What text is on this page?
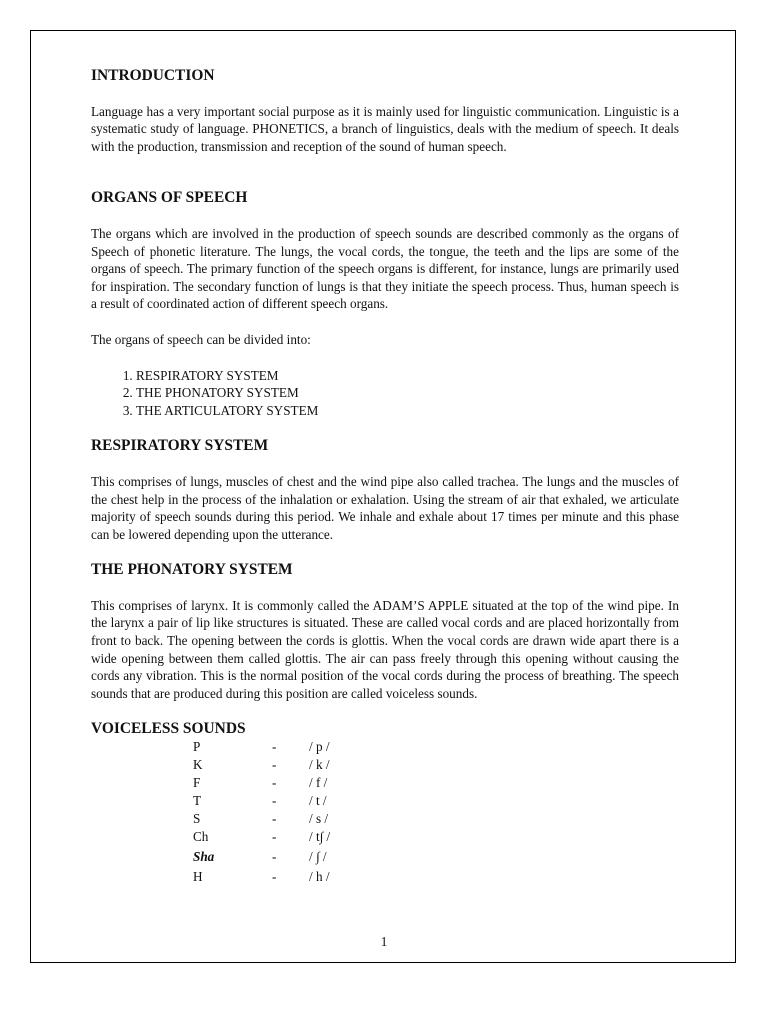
INTRODUCTION

Language has a very important social purpose as it is mainly used for linguistic communication. Linguistic is a systematic study of language. PHONETICS, a branch of linguistics, deals with the medium of speech. It deals with the production, transmission and reception of the sound of human speech.

ORGANS OF SPEECH

The organs which are involved in the production of speech sounds are described commonly as the organs of Speech of phonetic literature. The lungs, the vocal cords, the tongue, the teeth and the lips are some of the organs of speech. The primary function of the speech organs is different, for instance, lungs are primarily used for inspiration. The secondary function of lungs is that they initiate the speech process. Thus, human speech is a result of coordinated action of different speech organs.

The organs of speech can be divided into:

1. RESPIRATORY SYSTEM
2. THE PHONATORY SYSTEM
3. THE ARTICULATORY SYSTEM
RESPIRATORY SYSTEM

This comprises of lungs, muscles of chest and the wind pipe also called trachea. The lungs and the muscles of the chest help in the process of the inhalation or exhalation. Using the stream of air that exhaled, we articulate majority of speech sounds during this period. We inhale and exhale about 17 times per minute and this phase can be lowered depending upon the utterance.

THE PHONATORY SYSTEM

This comprises of larynx. It is commonly called the ADAM’S APPLE situated at the top of the wind pipe. In the larynx a pair of lip like structures is situated. These are called vocal cords and are placed horizontally from front to back. The opening between the cords is glottis. When the vocal cords are drawn wide apart there is a wide opening between them called glottis. The air can pass freely through this opening without causing the cords any vibration. This is the normal position of the vocal cords during the process of breathing. The speech sounds that are produced during this position are called voiceless sounds.

VOICELESS SOUNDS
P	-	/ p /
K	-	/ k /
F	-	/ f /
T	-	/ t /
S	-	/ s /
Ch	-	/ t∫ /
Sha	-	/ ∫ /
H	-	/ h /
1
